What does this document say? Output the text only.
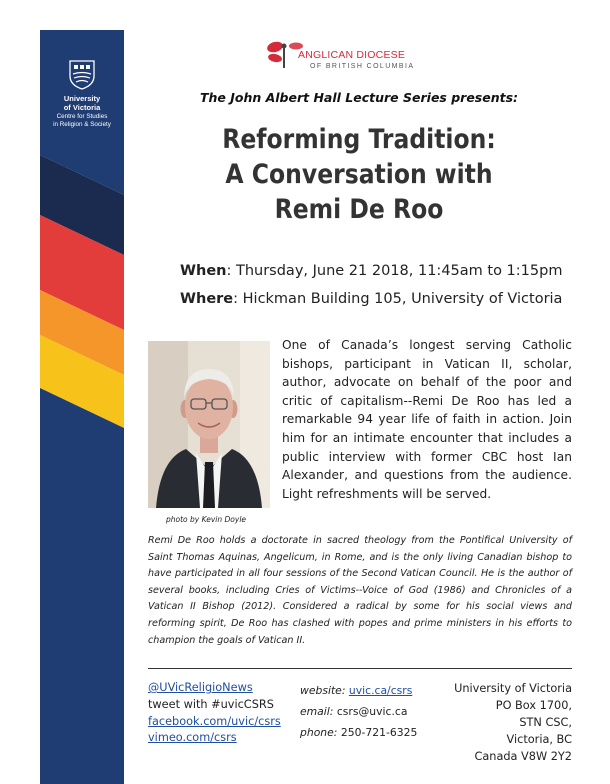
University
of Victoria
Centre for Studies
in Religion & Society
ANGLICAN DIOCESE
OF BRITISH COLUMBIA
The John Albert Hall Lecture Series presents:
Reforming Tradition:
A Conversation with
Remi De Roo
When: Thursday, June 21 2018, 11:45am to 1:15pm
Where: Hickman Building 105, University of Victoria
photo by Kevin Doyle
One of Canada’s longest serving Catholic bishops, participant in Vatican II, scholar, author, advocate on behalf of the poor and critic of capitalism--Remi De Roo has led a remarkable 94 year life of faith in action. Join him for an intimate encounter that includes a public interview with former CBC host Ian Alexander, and questions from the audience. Light refreshments will be served.
Remi De Roo holds a doctorate in sacred theology from the Pontifical University of Saint Thomas Aquinas, Angelicum, in Rome, and is the only living Canadian bishop to have participated in all four sessions of the Second Vatican Council. He is the author of several books, including Cries of Victims--Voice of God (1986) and Chronicles of a Vatican II Bishop (2012). Considered a radical by some for his social views and reforming spirit, De Roo has clashed with popes and prime ministers in his efforts to champion the goals of Vatican II.
@UVicReligioNews
tweet with #uvicCSRS
facebook.com/uvic/csrs
vimeo.com/csrs
website: uvic.ca/csrs
email: csrs@uvic.ca
phone: 250-721-6325
University of Victoria
PO Box 1700,
STN CSC,
Victoria, BC
Canada V8W 2Y2
